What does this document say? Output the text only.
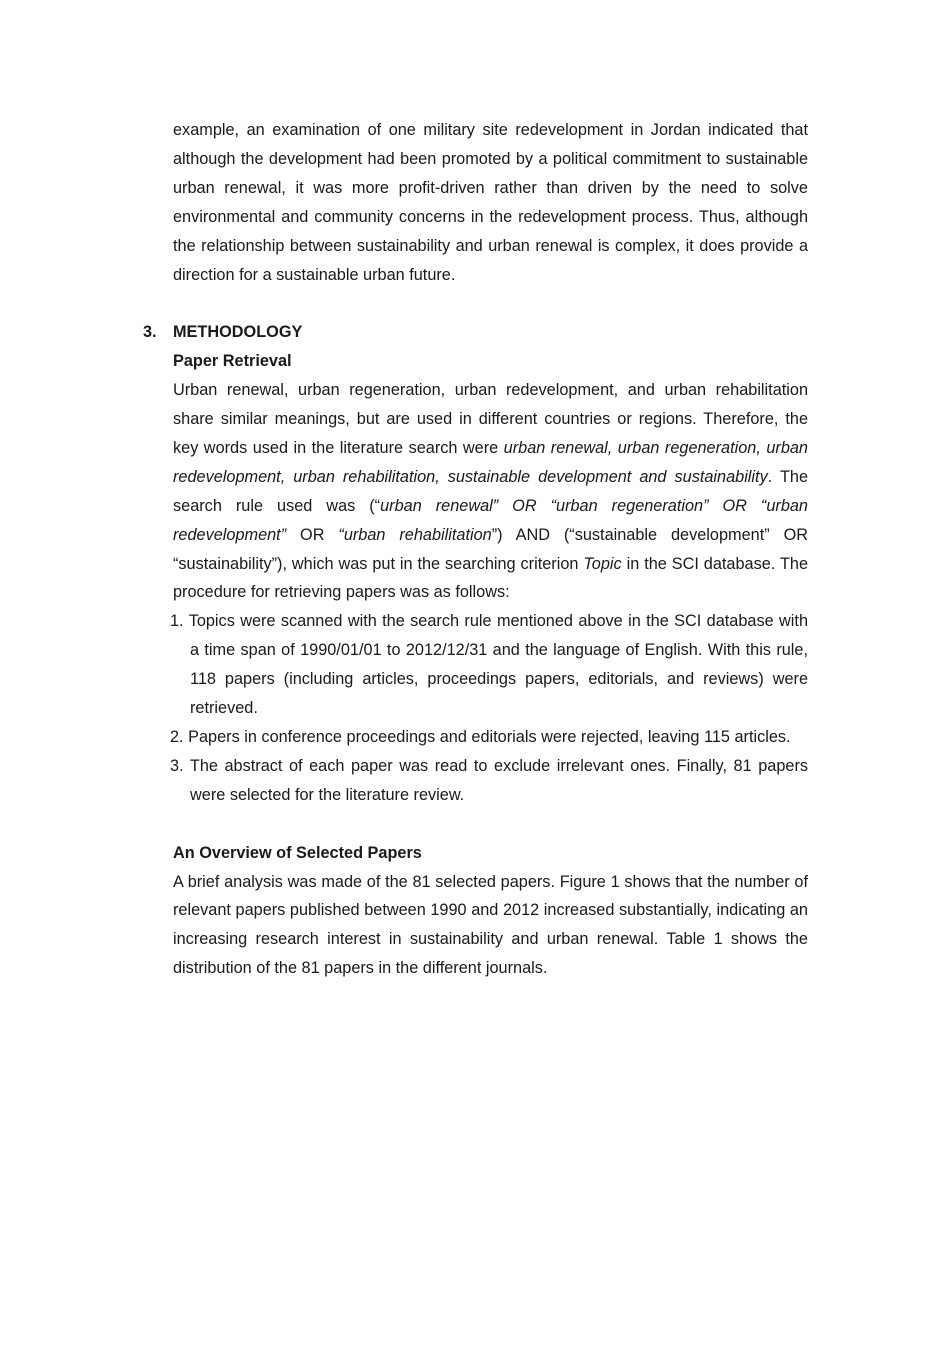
example, an examination of one military site redevelopment in Jordan indicated that although the development had been promoted by a political commitment to sustainable urban renewal, it was more profit-driven rather than driven by the need to solve environmental and community concerns in the redevelopment process. Thus, although the relationship between sustainability and urban renewal is complex, it does provide a direction for a sustainable urban future.

3. METHODOLOGY

Paper Retrieval

Urban renewal, urban regeneration, urban redevelopment, and urban rehabilitation share similar meanings, but are used in different countries or regions. Therefore, the key words used in the literature search were urban renewal, urban regeneration, urban redevelopment, urban rehabilitation, sustainable development and sustainability. The search rule used was (“urban renewal” OR “urban regeneration” OR “urban redevelopment” OR “urban rehabilitation”) AND (“sustainable development” OR “sustainability”), which was put in the searching criterion Topic in the SCI database. The procedure for retrieving papers was as follows:

1. Topics were scanned with the search rule mentioned above in the SCI database with a time span of 1990/01/01 to 2012/12/31 and the language of English. With this rule, 118 papers (including articles, proceedings papers, editorials, and reviews) were retrieved.
2. Papers in conference proceedings and editorials were rejected, leaving 115 articles.
3. The abstract of each paper was read to exclude irrelevant ones. Finally, 81 papers were selected for the literature review.

An Overview of Selected Papers

A brief analysis was made of the 81 selected papers. Figure 1 shows that the number of relevant papers published between 1990 and 2012 increased substantially, indicating an increasing research interest in sustainability and urban renewal. Table 1 shows the distribution of the 81 papers in the different journals.
